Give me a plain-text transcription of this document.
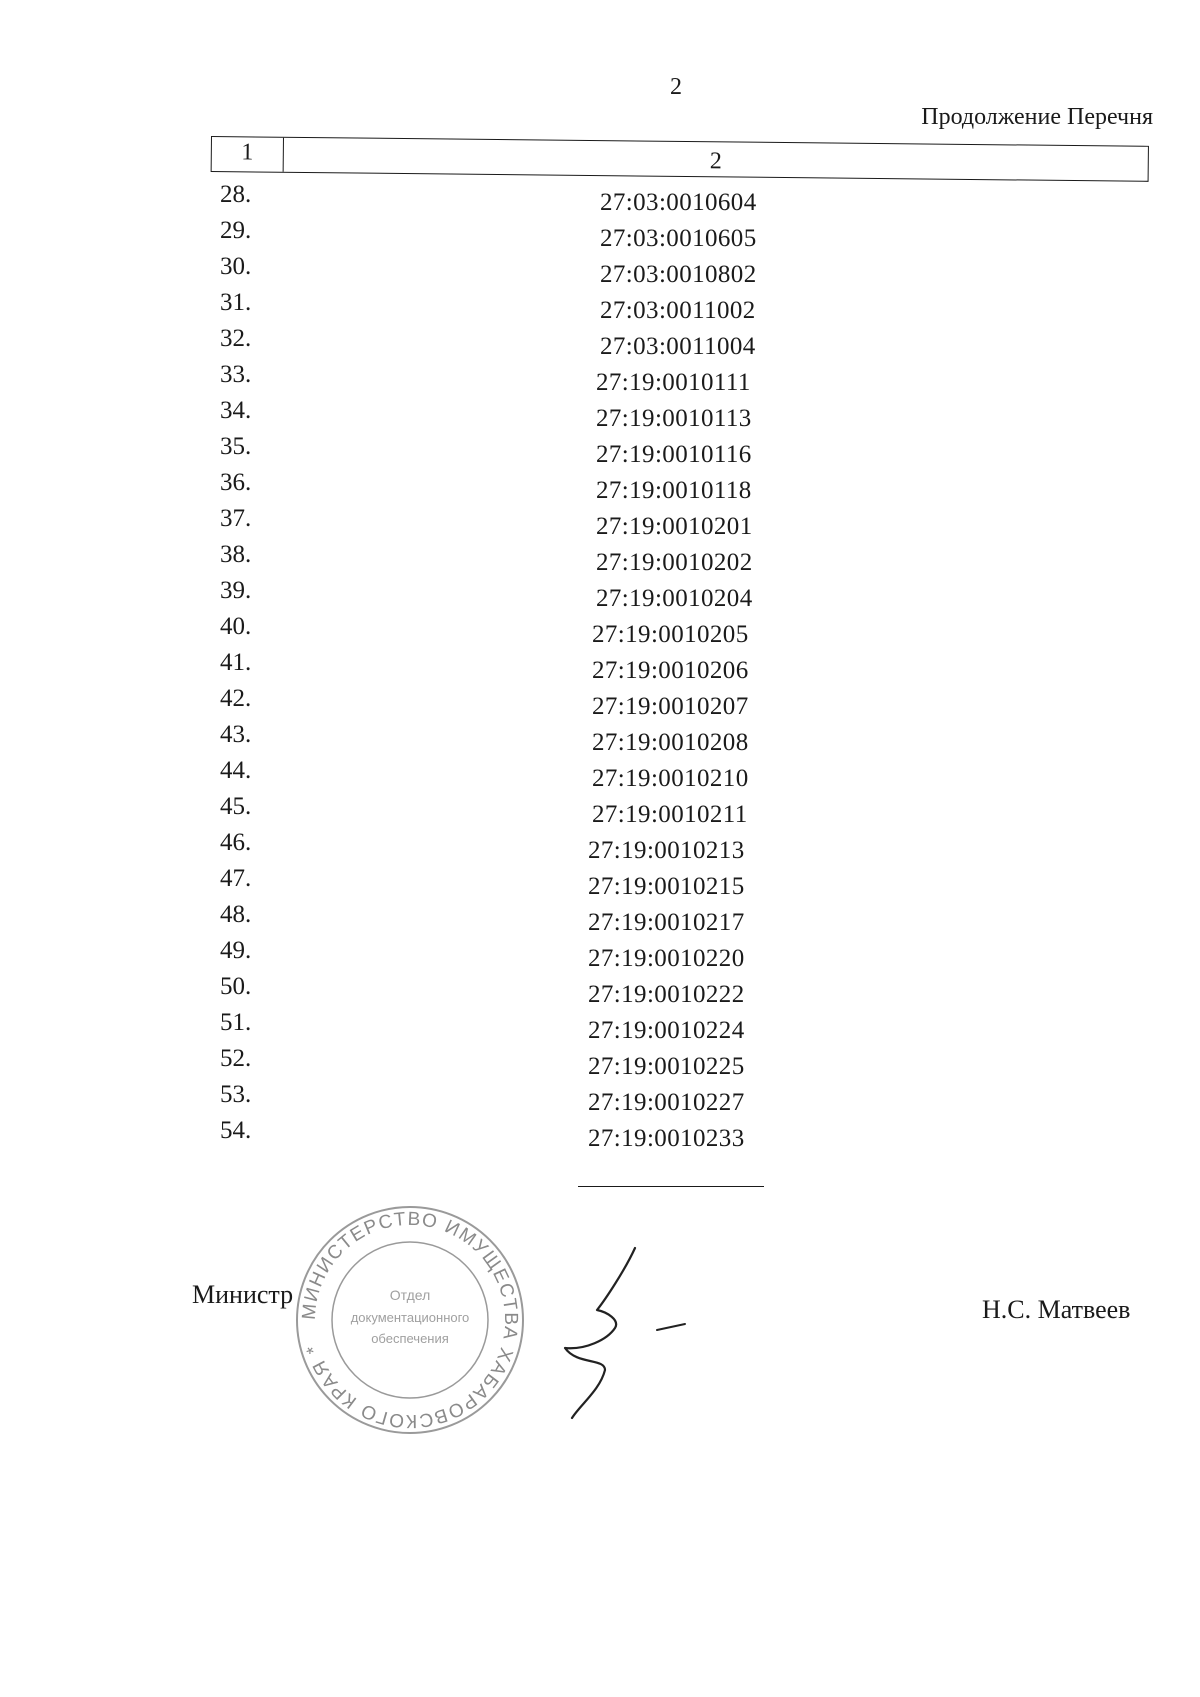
2
Продолжение Перечня
1	2
28.	27:03:0010604
29.	27:03:0010605
30.	27:03:0010802
31.	27:03:0011002
32.	27:03:0011004
33.	27:19:0010111
34.	27:19:0010113
35.	27:19:0010116
36.	27:19:0010118
37.	27:19:0010201
38.	27:19:0010202
39.	27:19:0010204
40.	27:19:0010205
41.	27:19:0010206
42.	27:19:0010207
43.	27:19:0010208
44.	27:19:0010210
45.	27:19:0010211
46.	27:19:0010213
47.	27:19:0010215
48.	27:19:0010217
49.	27:19:0010220
50.	27:19:0010222
51.	27:19:0010224
52.	27:19:0010225
53.	27:19:0010227
54.	27:19:0010233
Министр
МИНИСТЕРСТВО ИМУЩЕСТВА ХАБАРОВСКОГО КРАЯ *
Отдел
документационного
обеспечения
Н.С. Матвеев
